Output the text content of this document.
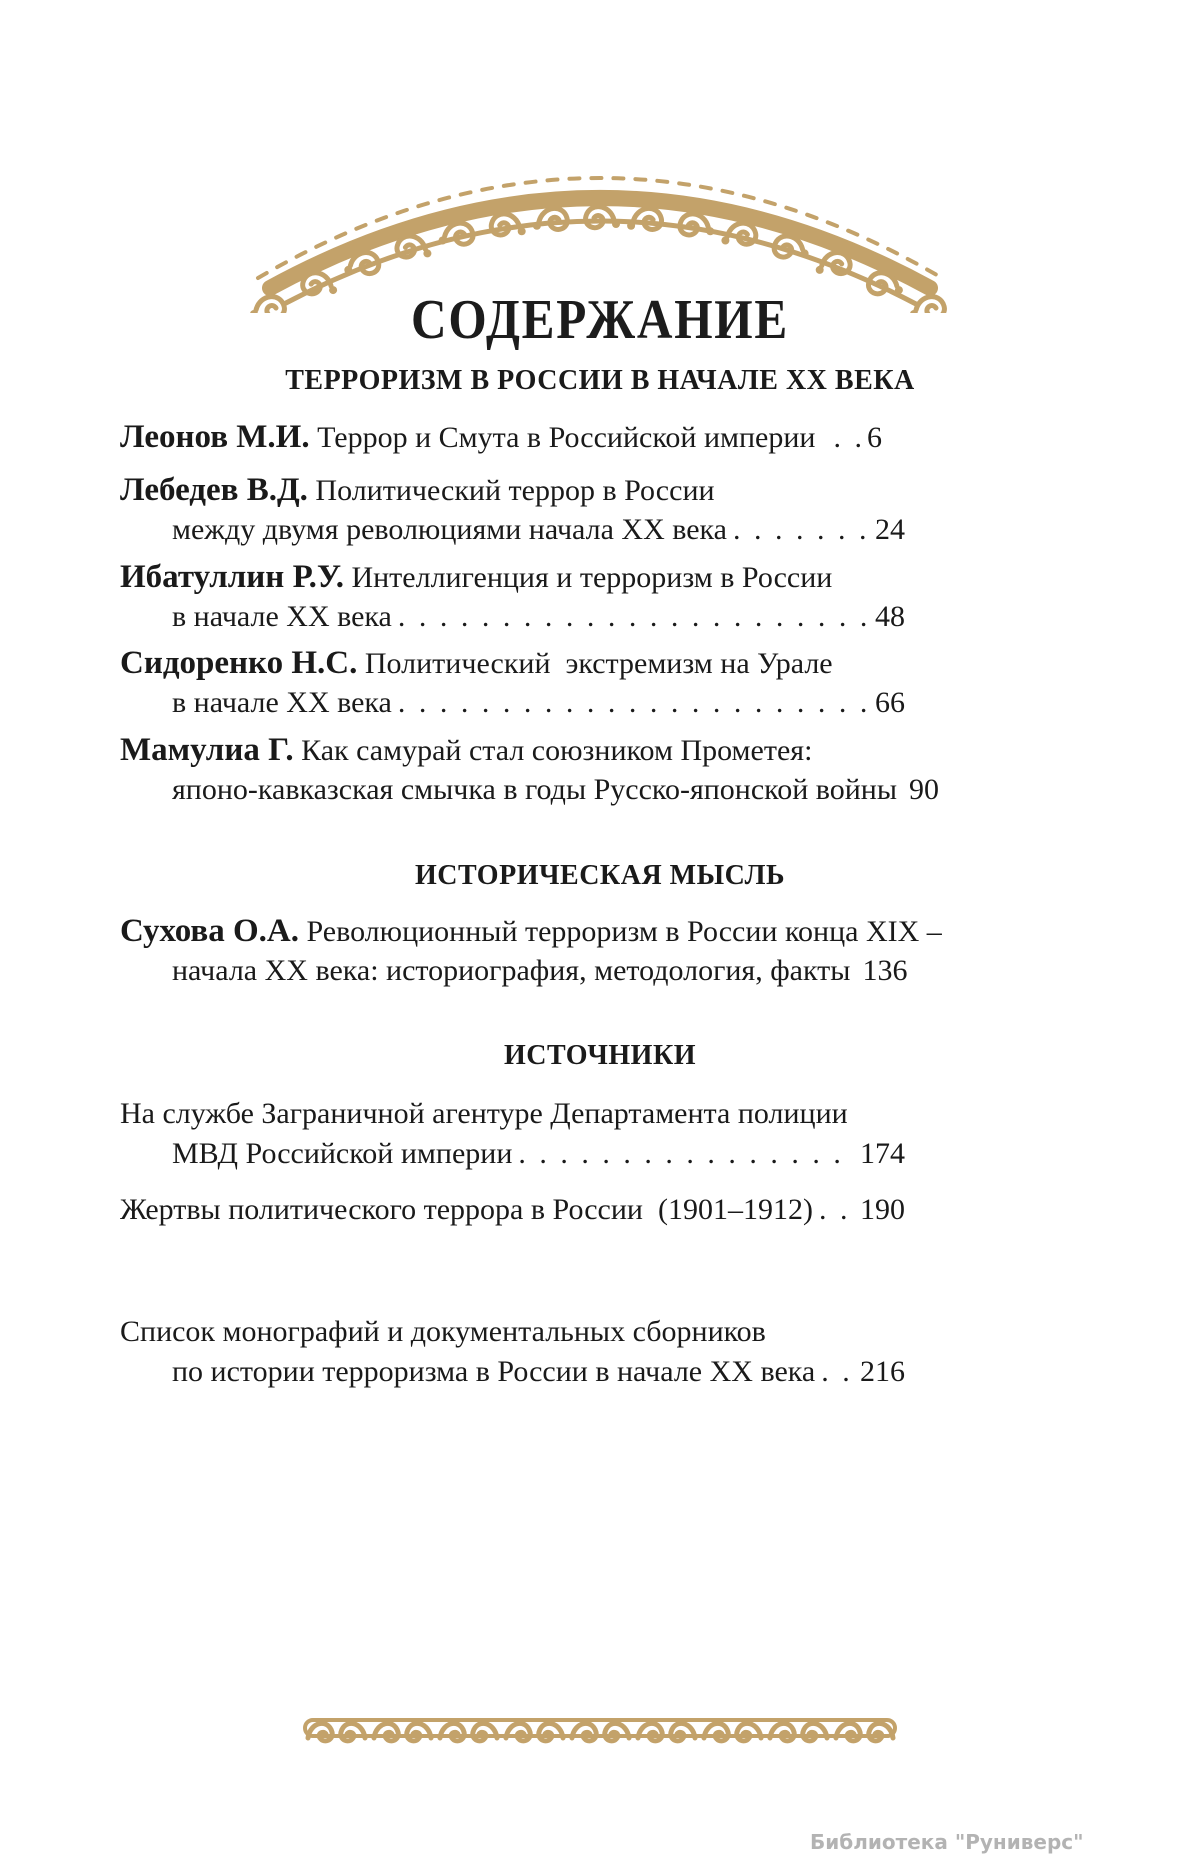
СОДЕРЖАНИЕ
ТЕРРОРИЗМ В РОССИИ В НАЧАЛЕ ХХ ВЕКА
Леонов М.И. Террор и Смута в Российской империи . . . 6
Лебедев В.Д. Политический террор в России
между двумя революциями начала ХХ века . . .	24
Ибатуллин Р.У. Интеллигенция и терроризм в России
в начале ХХ века . . .	48
Сидоренко Н.С. Политический  экстремизм на Урале
в начале ХХ века . . .	66
Мамулиа Г. Как самурай стал союзником Прометея:
японо-кавказская смычка в годы Русско-японской войны 90
ИСТОРИЧЕСКАЯ МЫСЛЬ
Сухова О.А. Революционный терроризм в России конца XIX –
начала ХХ века: историография, методология, факты 136
ИСТОЧНИКИ
На службе Заграничной агентуре Департамента полиции
МВД Российской империи . . .	174
Жертвы политического террора в России  (1901–1912) . . . 190
Список монографий и документальных сборников
по истории терроризма в России в начале ХХ века . . . 216
Библиотека "Руниверс"
